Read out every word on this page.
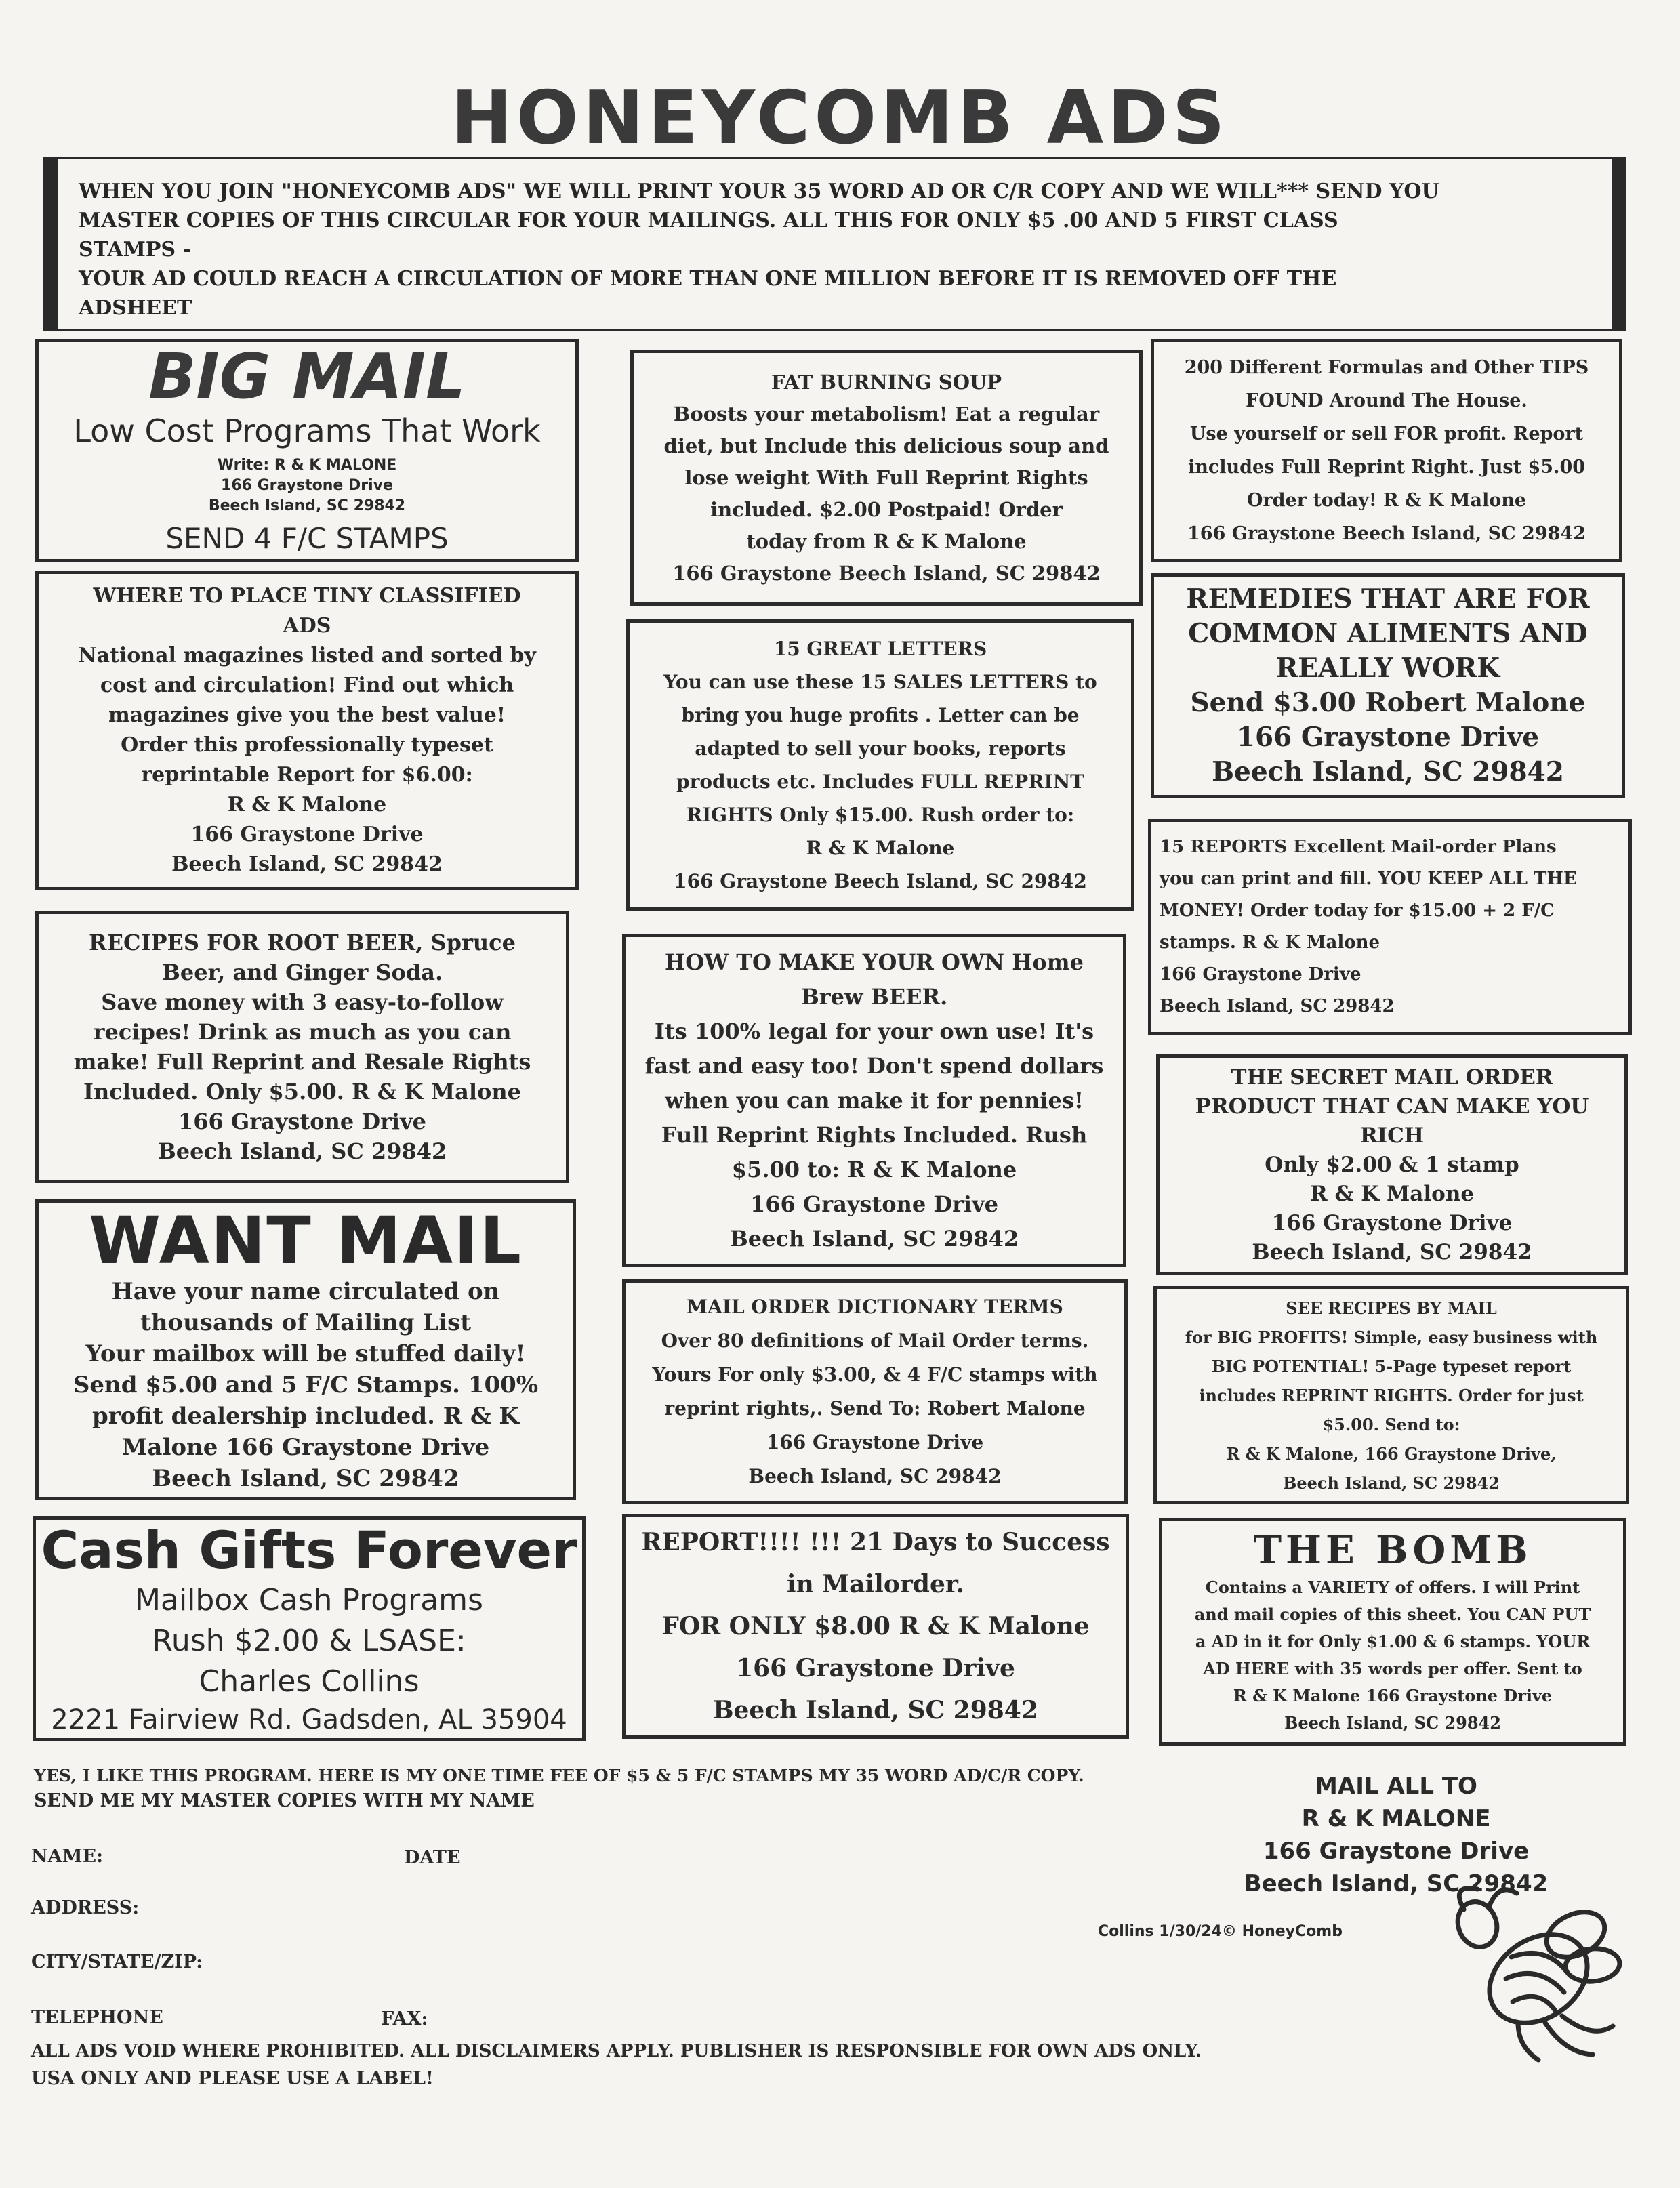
HONEYCOMB ADS

WHEN YOU JOIN "HONEYCOMB ADS" WE WILL PRINT YOUR 35 WORD AD OR C/R COPY AND WE WILL*** SEND YOU

MASTER COPIES OF THIS CIRCULAR FOR YOUR MAILINGS. ALL THIS FOR ONLY $5 .00 AND 5 FIRST CLASS

STAMPS -

YOUR AD COULD REACH A CIRCULATION OF MORE THAN ONE MILLION BEFORE IT IS REMOVED OFF THE

ADSHEET

BIG MAIL
Low Cost Programs That Work
Write: R & K MALONE
166 Graystone Drive
Beech Island, SC 29842
SEND 4 F/C STAMPS
WHERE TO PLACE TINY CLASSIFIED
ADS
National magazines listed and sorted by
cost and circulation! Find out which
magazines give you the best value!
Order this professionally typeset
reprintable Report for $6.00:
R & K Malone
166 Graystone Drive
Beech Island, SC 29842
RECIPES FOR ROOT BEER, Spruce
Beer, and Ginger Soda.
Save money with 3 easy-to-follow
recipes! Drink as much as you can
make! Full Reprint and Resale Rights
Included. Only $5.00. R & K Malone
166 Graystone Drive
Beech Island, SC 29842
WANT MAIL
Have your name circulated on
thousands of Mailing List
Your mailbox will be stuffed daily!
Send $5.00 and 5 F/C Stamps. 100%
profit dealership included. R & K
Malone 166 Graystone Drive
Beech Island, SC 29842
Cash Gifts Forever
Mailbox Cash Programs
Rush $2.00 & LSASE:
Charles Collins
2221 Fairview Rd. Gadsden, AL 35904
FAT BURNING SOUP
Boosts your metabolism! Eat a regular
diet, but Include this delicious soup and
lose weight With Full Reprint Rights
included. $2.00 Postpaid! Order
today from R & K Malone
166 Graystone Beech Island, SC 29842
15 GREAT LETTERS
You can use these 15 SALES LETTERS to
bring you huge profits . Letter can be
adapted to sell your books, reports
products etc. Includes FULL REPRINT
RIGHTS Only $15.00. Rush order to:
R & K Malone
166 Graystone Beech Island, SC 29842
HOW TO MAKE YOUR OWN Home
Brew BEER.
Its 100% legal for your own use! It's
fast and easy too! Don't spend dollars
when you can make it for pennies!
Full Reprint Rights Included. Rush
$5.00 to: R & K Malone
166 Graystone Drive
Beech Island, SC 29842
MAIL ORDER DICTIONARY TERMS
Over 80 definitions of Mail Order terms.
Yours For only $3.00, & 4 F/C stamps with
reprint rights,. Send To: Robert Malone
166 Graystone Drive
Beech Island, SC 29842
REPORT!!!! !!! 21 Days to Success
in Mailorder.
FOR ONLY $8.00 R & K Malone
166 Graystone Drive
Beech Island, SC 29842
200 Different Formulas and Other TIPS
FOUND Around The House.
Use yourself or sell FOR profit. Report
includes Full Reprint Right. Just $5.00
Order today! R & K Malone
166 Graystone Beech Island, SC 29842
REMEDIES THAT ARE FOR
COMMON ALIMENTS AND
REALLY WORK
Send $3.00 Robert Malone
166 Graystone Drive
Beech Island, SC 29842
15 REPORTS Excellent Mail-order Plans
you can print and fill. YOU KEEP ALL THE
MONEY! Order today for $15.00 + 2 F/C
stamps. R & K Malone
166 Graystone Drive
Beech Island, SC 29842
THE SECRET MAIL ORDER
PRODUCT THAT CAN MAKE YOU
RICH
Only $2.00 & 1 stamp
R & K Malone
166 Graystone Drive
Beech Island, SC 29842
SEE RECIPES BY MAIL
for BIG PROFITS! Simple, easy business with
BIG POTENTIAL! 5-Page typeset report
includes REPRINT RIGHTS. Order for just
$5.00. Send to:
R & K Malone, 166 Graystone Drive,
Beech Island, SC 29842
THE BOMB
Contains a VARIETY of offers. I will Print
and mail copies of this sheet. You CAN PUT
a AD in it for Only $1.00 & 6 stamps. YOUR
AD HERE with 35 words per offer. Sent to
R & K Malone 166 Graystone Drive
Beech Island, SC 29842
YES, I LIKE THIS PROGRAM. HERE IS MY ONE TIME FEE OF $5 & 5 F/C STAMPS MY 35 WORD AD/C/R COPY.
SEND ME MY MASTER COPIES WITH MY NAME
NAME:	DATE
ADDRESS:
CITY/STATE/ZIP:
TELEPHONE	FAX:
ALL ADS VOID WHERE PROHIBITED. ALL DISCLAIMERS APPLY. PUBLISHER IS RESPONSIBLE FOR OWN ADS ONLY.
USA ONLY AND PLEASE USE A LABEL!
MAIL ALL TO
R & K MALONE
166 Graystone Drive
Beech Island, SC 29842
Collins 1/30/24© HoneyComb
